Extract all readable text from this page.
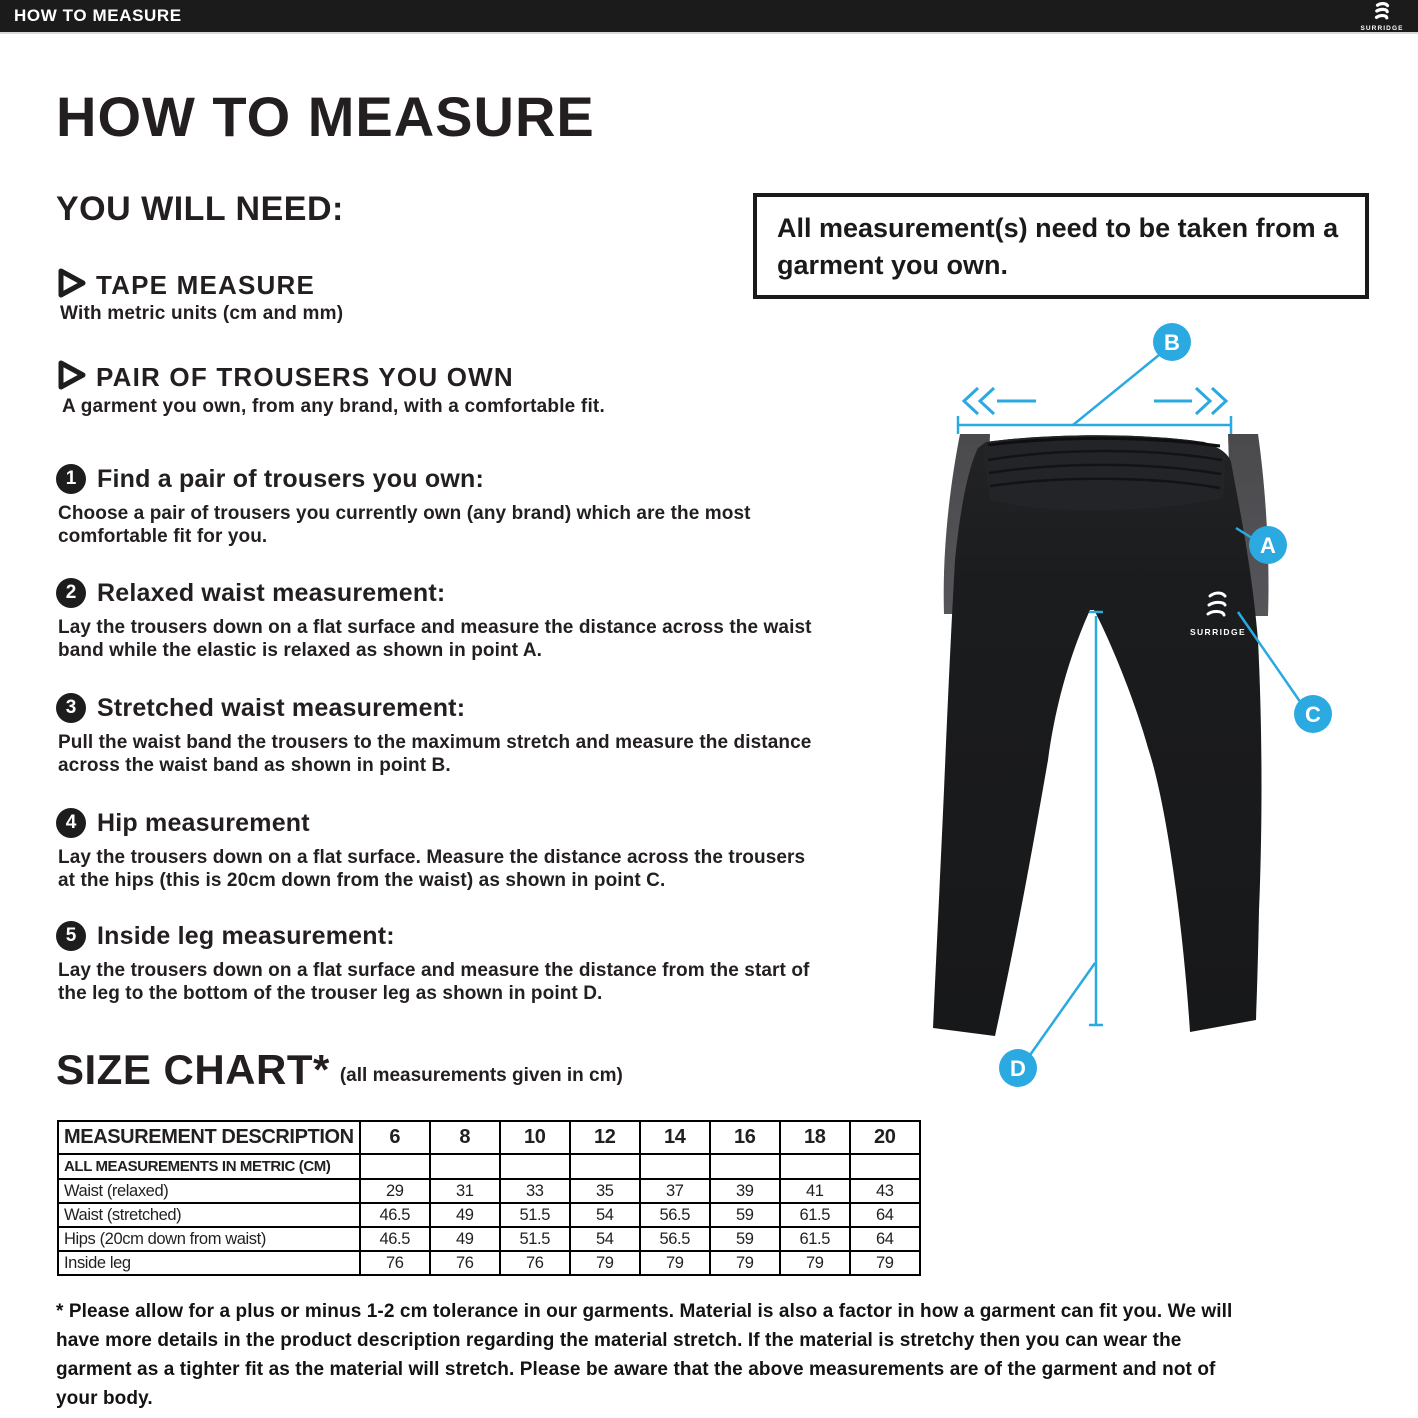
HOW TO MEASURE
SURRIDGE
HOW TO MEASURE
All measurement(s) need to be taken from a garment you own.
YOU WILL NEED:
TAPE MEASURE
With metric units (cm and mm)
PAIR OF TROUSERS YOU OWN
A garment you own, from any brand, with a comfortable fit.
1 Find a pair of trousers you own:
Choose a pair of trousers you currently own (any brand) which are the most comfortable fit for you.
2 Relaxed waist measurement:
Lay the trousers down on a flat surface and measure the distance across the waist band while the elastic is relaxed as shown in point A.
3 Stretched waist measurement:
Pull the waist band the trousers to the maximum stretch and measure the distance across the waist band as shown in point B.
4 Hip measurement
Lay the trousers down on a flat surface. Measure the distance across the trousers at the hips (this is 20cm down from the waist) as shown in point C.
5 Inside leg measurement:
Lay the trousers down on a flat surface and measure the distance from the start of the leg to the bottom of the trouser leg as shown in point D.
SURRIDGE
B
A
C
D
SIZE CHART* (all measurements given in cm)
MEASUREMENT DESCRIPTION	6	8	10	12	14	16	18	20
ALL MEASUREMENTS IN METRIC (CM)								
Waist (relaxed)	29	31	33	35	37	39	41	43
Waist (stretched)	46.5	49	51.5	54	56.5	59	61.5	64
Hips (20cm down from waist)	46.5	49	51.5	54	56.5	59	61.5	64
Inside leg	76	76	76	79	79	79	79	79
* Please allow for a plus or minus 1-2 cm tolerance in our garments. Material is also a factor in how a garment can fit you. We will have more details in the product description regarding the material stretch. If the material is stretchy then you can wear the garment as a tighter fit as the material will stretch. Please be aware that the above measurements are of the garment and not of your body.
